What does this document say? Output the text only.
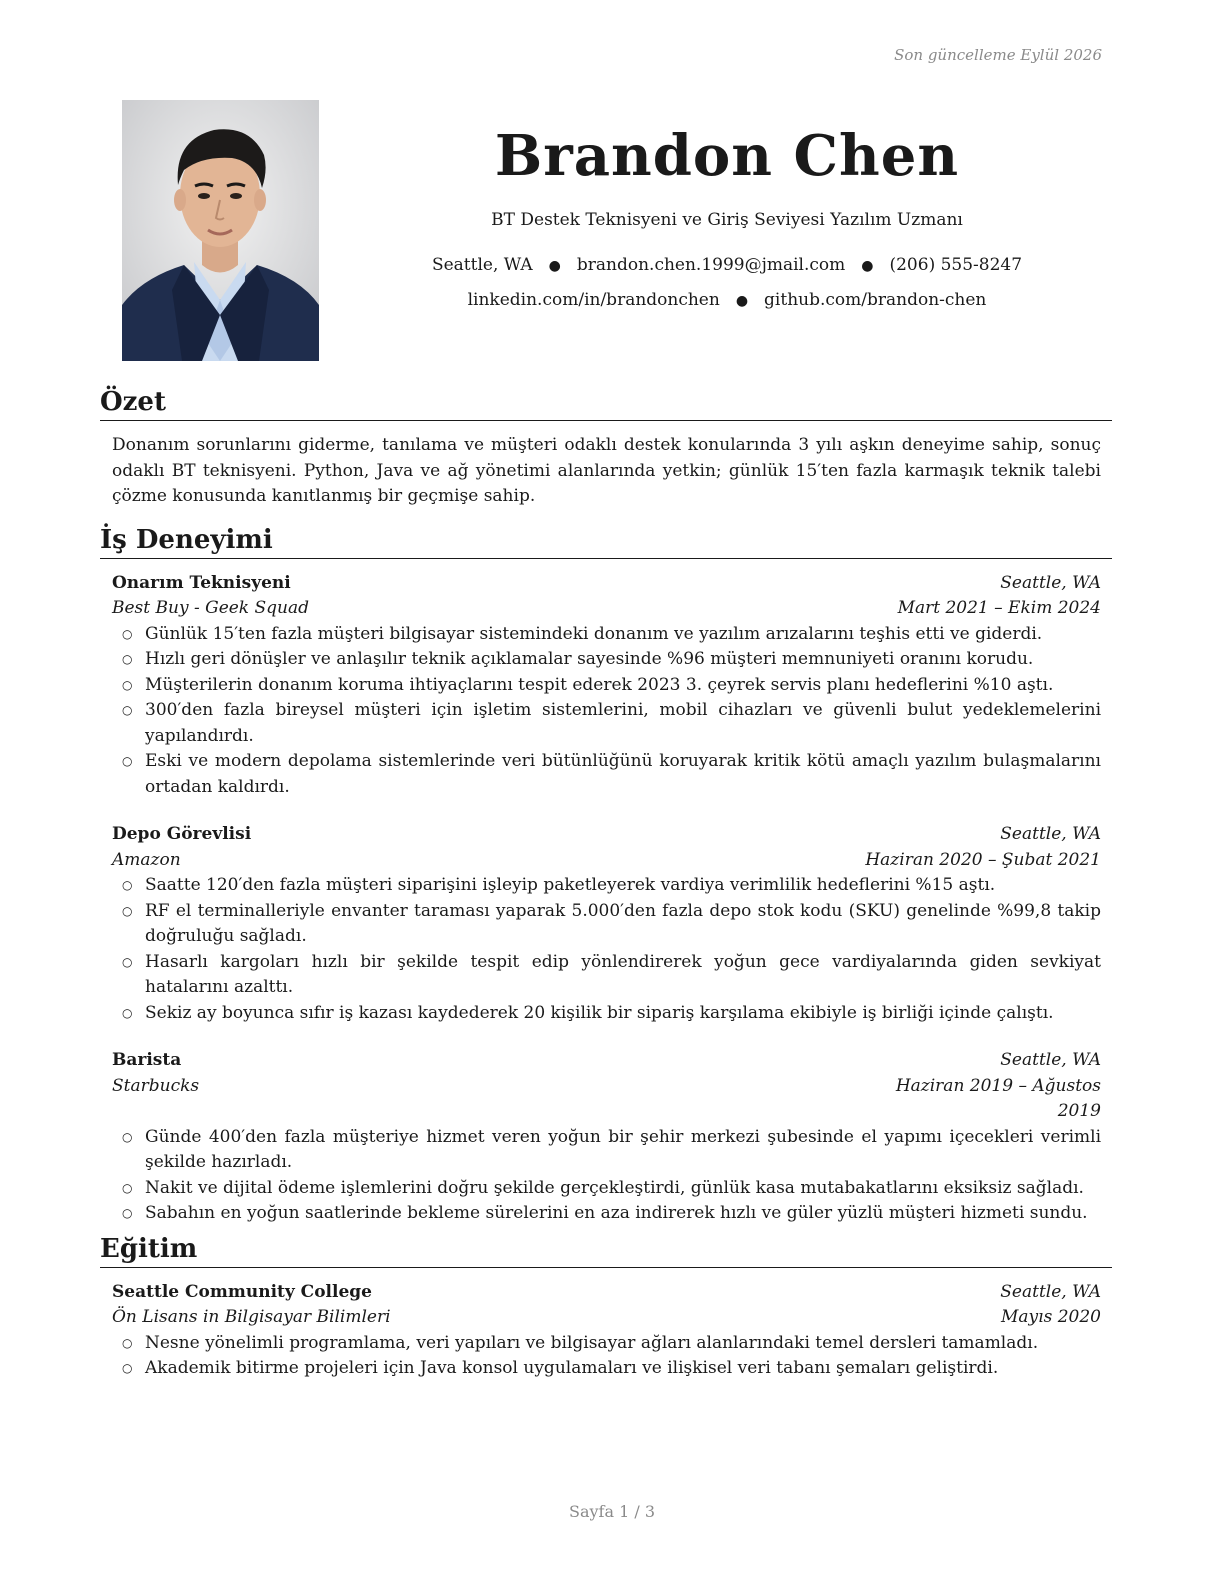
Son güncelleme Eylül 2026
Brandon Chen
BT Destek Teknisyeni ve Giriş Seviyesi Yazılım Uzmanı
Seattle, WA ● brandon.chen.1999@jmail.com ● (206) 555-8247
linkedin.com/in/brandonchen ● github.com/brandon-chen
Özet

Donanım sorunlarını giderme, tanılama ve müşteri odaklı destek konularında 3 yılı aşkın deneyime sahip, sonuç odaklı BT teknisyeni. Python, Java ve ağ yönetimi alanlarında yetkin; günlük 15′ten fazla karmaşık teknik talebi çözme konusunda kanıtlanmış bir geçmişe sahip.

İş Deneyimi
Onarım Teknisyeni	Seattle, WA
Best Buy - Geek Squad	Mart 2021 – Ekim 2024
○ Günlük 15′ten fazla müşteri bilgisayar sistemindeki donanım ve yazılım arızalarını teşhis etti ve giderdi.
○ Hızlı geri dönüşler ve anlaşılır teknik açıklamalar sayesinde %96 müşteri memnuniyeti oranını korudu.
○ Müşterilerin donanım koruma ihtiyaçlarını tespit ederek 2023 3. çeyrek servis planı hedeflerini %10 aştı.
○ 300′den fazla bireysel müşteri için işletim sistemlerini, mobil cihazları ve güvenli bulut yedeklemelerini yapılandırdı.
○ Eski ve modern depolama sistemlerinde veri bütünlüğünü koruyarak kritik kötü amaçlı yazılım bulaşmalarını ortadan kaldırdı.
Depo Görevlisi	Seattle, WA
Amazon	Haziran 2020 – Şubat 2021
○ Saatte 120′den fazla müşteri siparişini işleyip paketleyerek vardiya verimlilik hedeflerini %15 aştı.
○ RF el terminalleriyle envanter taraması yaparak 5.000′den fazla depo stok kodu (SKU) genelinde %99,8 takip doğruluğu sağladı.
○ Hasarlı kargoları hızlı bir şekilde tespit edip yönlendirerek yoğun gece vardiyalarında giden sevkiyat hatalarını azalttı.
○ Sekiz ay boyunca sıfır iş kazası kaydederek 20 kişilik bir sipariş karşılama ekibiyle iş birliği içinde çalıştı.
Barista	Seattle, WA
Starbucks	Haziran 2019 – Ağustos 2019
○ Günde 400′den fazla müşteriye hizmet veren yoğun bir şehir merkezi şubesinde el yapımı içecekleri verimli şekilde hazırladı.
○ Nakit ve dijital ödeme işlemlerini doğru şekilde gerçekleştirdi, günlük kasa mutabakatlarını eksiksiz sağladı.
○ Sabahın en yoğun saatlerinde bekleme sürelerini en aza indirerek hızlı ve güler yüzlü müşteri hizmeti sundu.
Eğitim
Seattle Community College	Seattle, WA
Ön Lisans in Bilgisayar Bilimleri	Mayıs 2020
○ Nesne yönelimli programlama, veri yapıları ve bilgisayar ağları alanlarındaki temel dersleri tamamladı.
○ Akademik bitirme projeleri için Java konsol uygulamaları ve ilişkisel veri tabanı şemaları geliştirdi.
Sayfa 1 / 3
